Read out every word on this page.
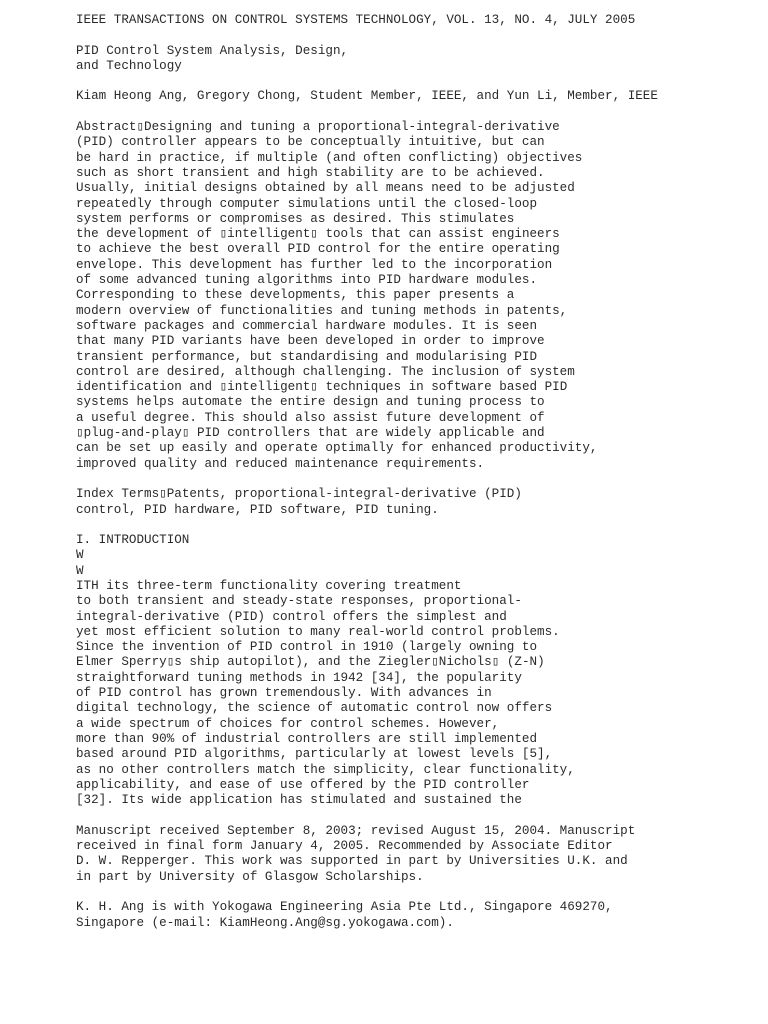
IEEE TRANSACTIONS ON CONTROL SYSTEMS TECHNOLOGY, VOL. 13, NO. 4, JULY 2005
PID Control System Analysis, Design,
and Technology
Kiam Heong Ang, Gregory Chong, Student Member, IEEE, and Yun Li, Member, IEEE
Abstract▯Designing and tuning a proportional-integral-derivative
(PID) controller appears to be conceptually intuitive, but can
be hard in practice, if multiple (and often conflicting) objectives
such as short transient and high stability are to be achieved.
Usually, initial designs obtained by all means need to be adjusted
repeatedly through computer simulations until the closed-loop
system performs or compromises as desired. This stimulates
the development of ▯intelligent▯ tools that can assist engineers
to achieve the best overall PID control for the entire operating
envelope. This development has further led to the incorporation
of some advanced tuning algorithms into PID hardware modules.
Corresponding to these developments, this paper presents a
modern overview of functionalities and tuning methods in patents,
software packages and commercial hardware modules. It is seen
that many PID variants have been developed in order to improve
transient performance, but standardising and modularising PID
control are desired, although challenging. The inclusion of system
identification and ▯intelligent▯ techniques in software based PID
systems helps automate the entire design and tuning process to
a useful degree. This should also assist future development of
▯plug-and-play▯ PID controllers that are widely applicable and
can be set up easily and operate optimally for enhanced productivity,
improved quality and reduced maintenance requirements.
Index Terms▯Patents, proportional-integral-derivative (PID)
control, PID hardware, PID software, PID tuning.
I. INTRODUCTION
W
W
ITH its three-term functionality covering treatment
to both transient and steady-state responses, proportional-
integral-derivative (PID) control offers the simplest and
yet most efficient solution to many real-world control problems.
Since the invention of PID control in 1910 (largely owning to
Elmer Sperry▯s ship autopilot), and the Ziegler▯Nichols▯ (Z-N)
straightforward tuning methods in 1942 [34], the popularity
of PID control has grown tremendously. With advances in
digital technology, the science of automatic control now offers
a wide spectrum of choices for control schemes. However,
more than 90% of industrial controllers are still implemented
based around PID algorithms, particularly at lowest levels [5],
as no other controllers match the simplicity, clear functionality,
applicability, and ease of use offered by the PID controller
[32]. Its wide application has stimulated and sustained the
Manuscript received September 8, 2003; revised August 15, 2004. Manuscript
received in final form January 4, 2005. Recommended by Associate Editor
D. W. Repperger. This work was supported in part by Universities U.K. and
in part by University of Glasgow Scholarships.
K. H. Ang is with Yokogawa Engineering Asia Pte Ltd., Singapore 469270,
Singapore (e-mail: KiamHeong.Ang@sg.yokogawa.com).
